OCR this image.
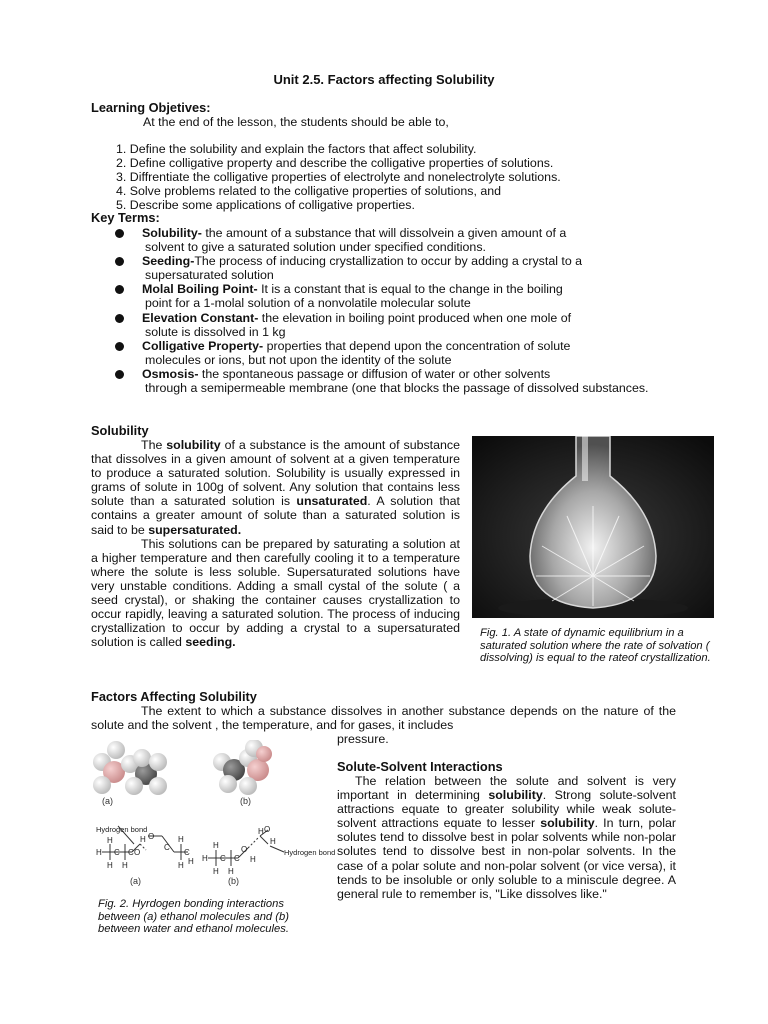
Unit 2.5. Factors affecting Solubility
Learning Objetives:
At the end of the lesson, the students should be able to,
1. Define the solubility and explain the factors that affect solubility.
2. Define colligative property and describe the colligative properties of solutions.
3. Diffrentiate the colligative properties of electrolyte and nonelectrolyte solutions.
4. Solve problems related to the colligative properties of solutions, and
5. Describe some applications of colligative properties.
Key Terms:
Solubility- the amount of a substance that will dissolvein a given amount of a
solvent to give a saturated solution under specified conditions.
Seeding-The process of inducing crystallization to occur by adding a crystal to a
supersaturated solution
Molal Boiling Point- It is a constant that is equal to the change in the boiling
point for a 1-molal solution of a nonvolatile molecular solute
Elevation Constant- the elevation in boiling point produced when one mole of
solute is dissolved in 1 kg
Colligative Property- properties that depend upon the concentration of solute
molecules or ions, but not upon the identity of the solute
Osmosis- the spontaneous passage or diffusion of water or other solvents
through a semipermeable membrane (one that blocks the passage of dissolved substances.
Solubility

The solubility of a substance is the amount of substance that dissolves in a given amount of solvent at a given temperature to produce a saturated solution. Solubility is usually expressed in grams of solute in 100g of solvent. Any solution that contains less solute than a saturated solution is unsaturated. A solution that contains a greater amount of solute than a saturated solution is said to be supersaturated.

This solutions can be prepared by saturating a solution at a higher temperature and then carefully cooling it to a temperature where the solute is less soluble. Supersaturated solutions have very unstable conditions. Adding a small cystal of the solute ( a seed crystal), or shaking the container causes crystallization to occur rapidly, leaving a saturated solution. The process of inducing crystallization to occur by adding a crystal to a supersaturated solution is called seeding.

Fig. 1. A state of dynamic equilibrium in a saturated solution where the rate of solvation ( dissolving) is equal to the rateof crystallization.
Factors Affecting Solubility

The extent to which a substance dissolves in another substance depends on the nature of the solute and the solvent , the temperature, and for gases, it includes

pressure.
(a)	(b)
Hydrogen bond
H
H
H
C C
H
O
H O
C
C
H
H
H
(a)
H
H
H
C C
H
O
H
H O
H
Hydrogen bond
(b)
Fig. 2. Hyrdogen bonding interactions between (a) ethanol molecules and (b) between water and ethanol molecules.
Solute-Solvent Interactions

The relation between the solute and solvent is very important in determining solubility. Strong solute-solvent attractions equate to greater solubility while weak solute-solvent attractions equate to lesser solubility. In turn, polar solutes tend to dissolve best in polar solvents while non-polar solutes tend to dissolve best in non-polar solvents. In the case of a polar solute and non-polar solvent (or vice versa), it tends to be insoluble or only soluble to a miniscule degree. A general rule to remember is, "Like dissolves like."
